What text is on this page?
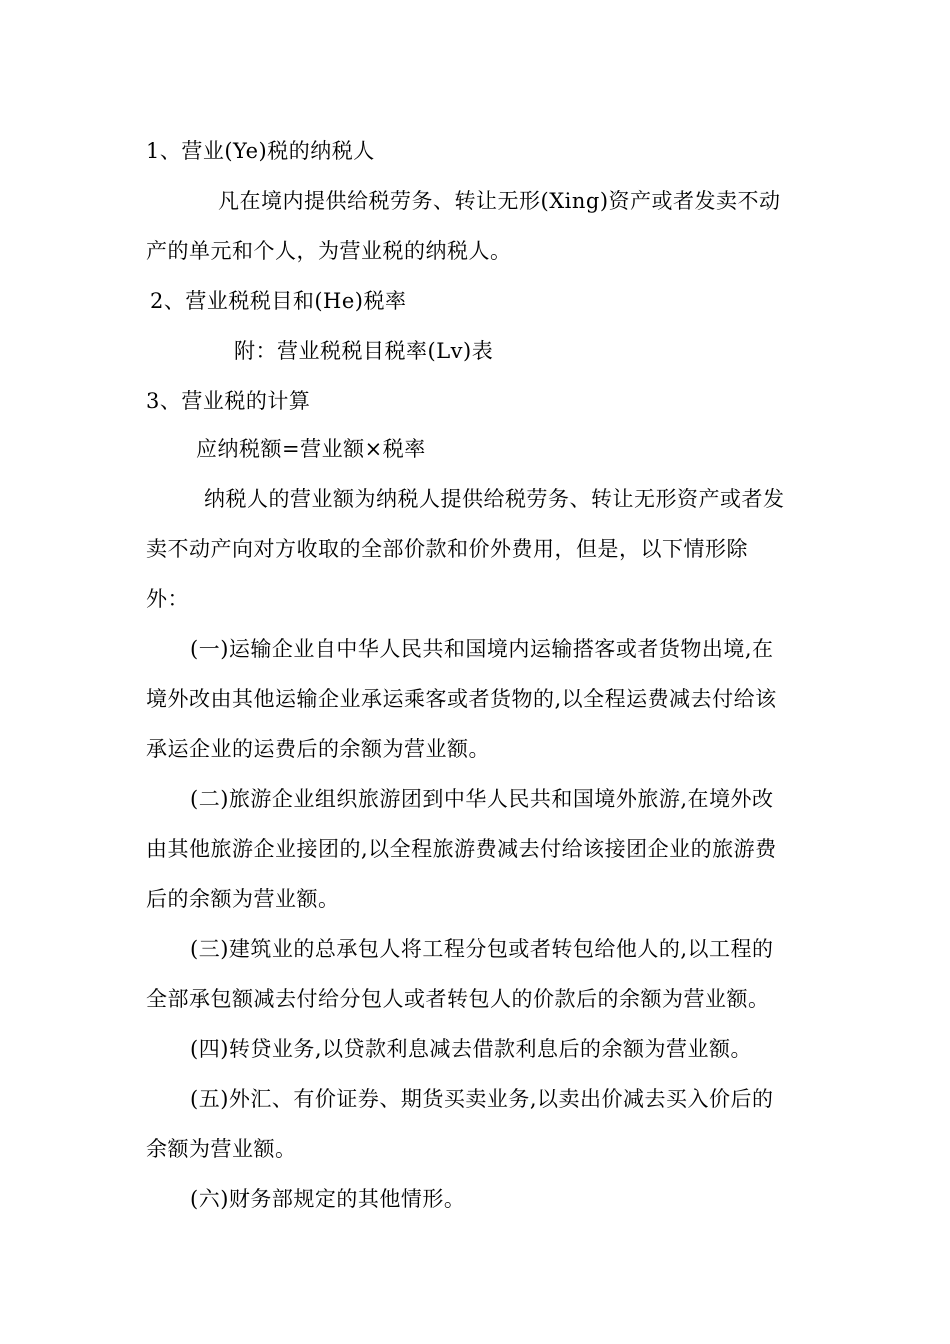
1、营业(Ye)税的纳税人
凡在境内提供给税劳务、转让无形(Xing)资产或者发卖不动
产的单元和个人，为营业税的纳税人。
2、营业税税目和(He)税率
附：营业税税目税率(Lv)表
3、营业税的计算
应纳税额=营业额×税率
纳税人的营业额为纳税人提供给税劳务、转让无形资产或者发
卖不动产向对方收取的全部价款和价外费用，但是，以下情形除
外：
(一)运输企业自中华人民共和国境内运输搭客或者货物出境,在
境外改由其他运输企业承运乘客或者货物的,以全程运费减去付给该
承运企业的运费后的余额为营业额。
(二)旅游企业组织旅游团到中华人民共和国境外旅游,在境外改
由其他旅游企业接团的,以全程旅游费减去付给该接团企业的旅游费
后的余额为营业额。
(三)建筑业的总承包人将工程分包或者转包给他人的,以工程的
全部承包额减去付给分包人或者转包人的价款后的余额为营业额。
(四)转贷业务,以贷款利息减去借款利息后的余额为营业额。
(五)外汇、有价证券、期货买卖业务,以卖出价减去买入价后的
余额为营业额。
(六)财务部规定的其他情形。
